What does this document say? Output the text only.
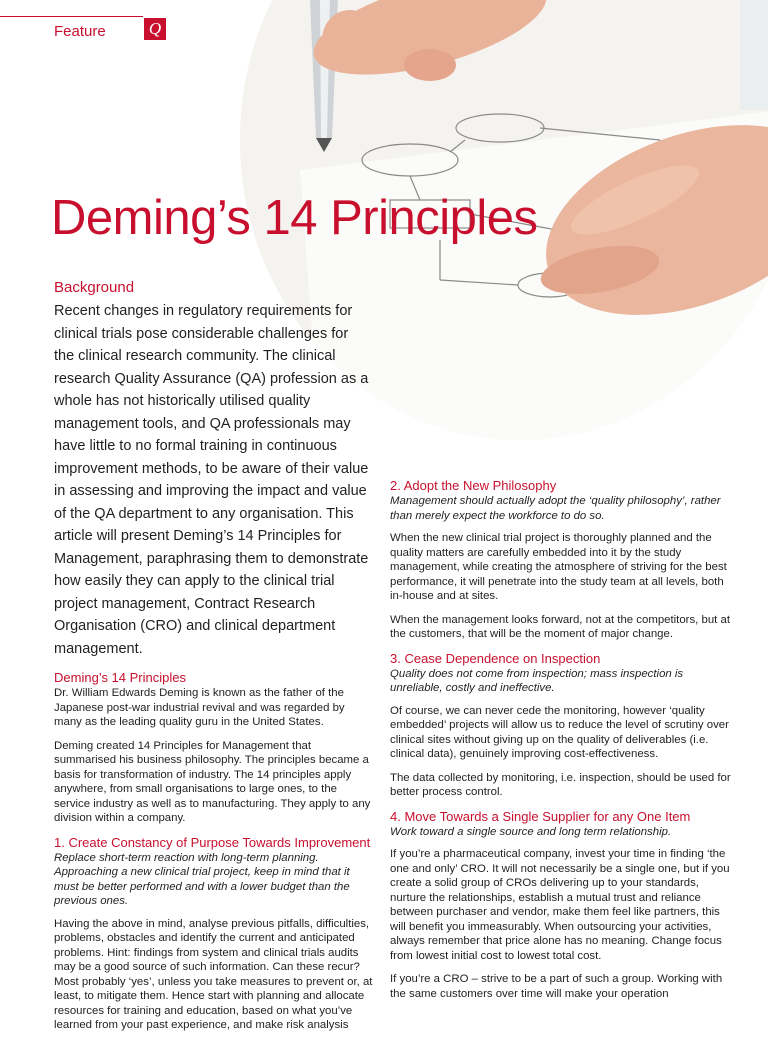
Feature	Q
Deming’s 14 Principles
Background

Recent changes in regulatory requirements for clinical trials pose considerable challenges for the clinical research community. The clinical research Quality Assurance (QA) profession as a whole has not historically utilised quality management tools, and QA professionals may have little to no formal training in continuous improvement methods, to be aware of their value in assessing and improving the impact and value of the QA department to any organisation. This article will present Deming’s 14 Principles for Management, paraphrasing them to demonstrate how easily they can apply to the clinical trial project management, Contract Research Organisation (CRO) and clinical department management.

Deming’s 14 Principles

Dr. William Edwards Deming is known as the father of the Japanese post-war industrial revival and was regarded by many as the leading quality guru in the United States.

Deming created 14 Principles for Management that summarised his business philosophy. The principles became a basis for transformation of industry. The 14 principles apply anywhere, from small organisations to large ones, to the service industry as well as to manufacturing. They apply to any division within a company.

1. Create Constancy of Purpose Towards Improvement

Replace short-term reaction with long-term planning. Approaching a new clinical trial project, keep in mind that it must be better performed and with a lower budget than the previous ones.

Having the above in mind, analyse previous pitfalls, difficulties, problems, obstacles and identify the current and anticipated problems. Hint: findings from system and clinical trials audits may be a good source of such information. Can these recur? Most probably ‘yes’, unless you take measures to prevent or, at least, to mitigate them. Hence start with planning and allocate resources for training and education, based on what you’ve learned from your past experience, and make risk analysis

2. Adopt the New Philosophy

Management should actually adopt the ‘quality philosophy’, rather than merely expect the workforce to do so.

When the new clinical trial project is thoroughly planned and the quality matters are carefully embedded into it by the study management, while creating the atmosphere of striving for the best performance, it will penetrate into the study team at all levels, both in-house and at sites.

When the management looks forward, not at the competitors, but at the customers, that will be the moment of major change.

3. Cease Dependence on Inspection

Quality does not come from inspection; mass inspection is unreliable, costly and ineffective.

Of course, we can never cede the monitoring, however ‘quality embedded’ projects will allow us to reduce the level of scrutiny over clinical sites without giving up on the quality of deliverables (i.e. clinical data), genuinely improving cost-effectiveness.

The data collected by monitoring, i.e. inspection, should be used for better process control.

4. Move Towards a Single Supplier for any One Item

Work toward a single source and long term relationship.

If you’re a pharmaceutical company, invest your time in finding ‘the one and only’ CRO. It will not necessarily be a single one, but if you create a solid group of CROs delivering up to your standards, nurture the relationships, establish a mutual trust and reliance between purchaser and vendor, make them feel like partners, this will benefit you immeasurably. When outsourcing your activities, always remember that price alone has no meaning. Change focus from lowest initial cost to lowest total cost.

If you’re a CRO – strive to be a part of such a group. Working with the same customers over time will make your operation
